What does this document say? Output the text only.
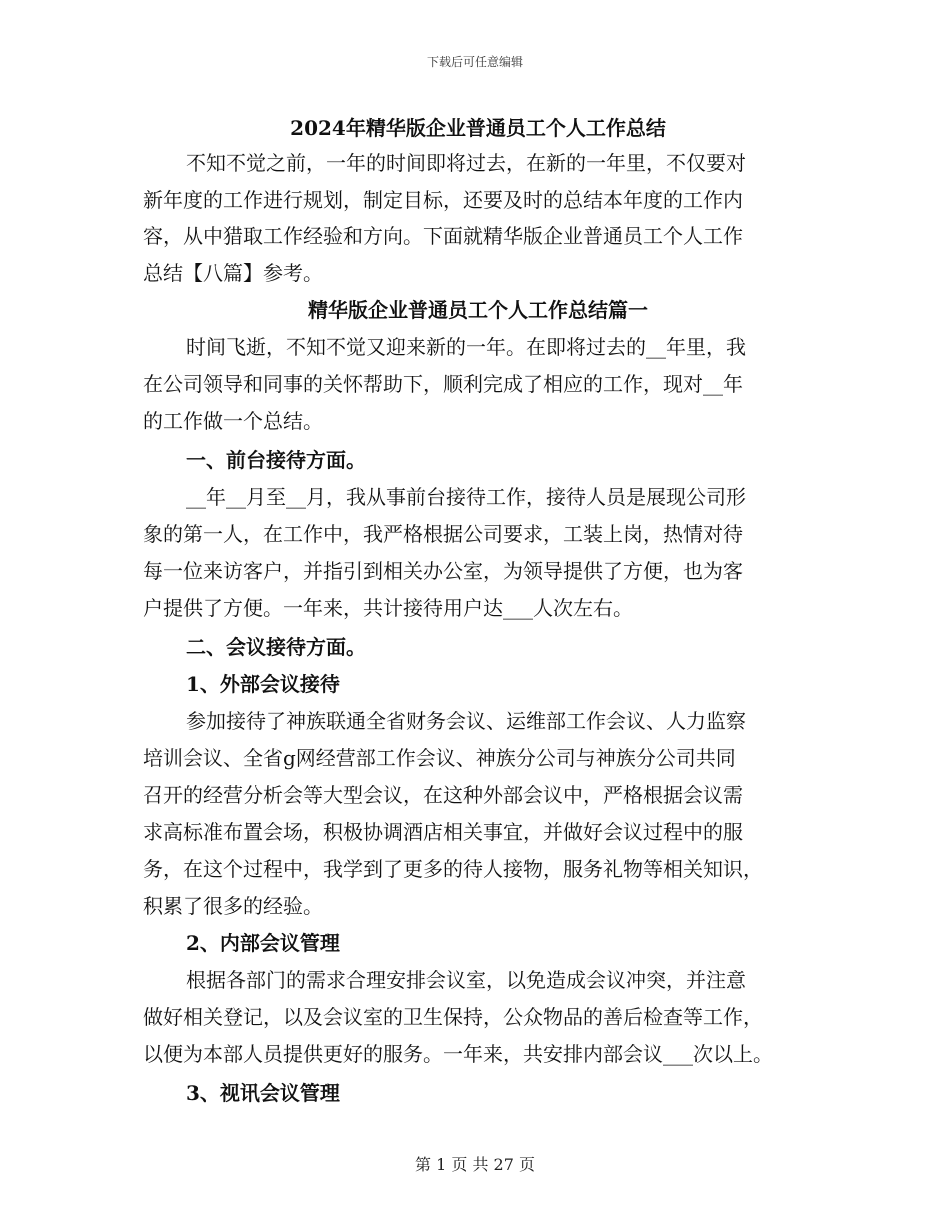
下载后可任意编辑
2024年精华版企业普通员工个人工作总结
不知不觉之前，一年的时间即将过去，在新的一年里，不仅要对
新年度的工作进行规划，制定目标，还要及时的总结本年度的工作内
容，从中猎取工作经验和方向。下面就精华版企业普通员工个人工作
总结【八篇】参考。
精华版企业普通员工个人工作总结篇一
时间飞逝，不知不觉又迎来新的一年。在即将过去的__年里，我
在公司领导和同事的关怀帮助下，顺利完成了相应的工作，现对__年
的工作做一个总结。
一、前台接待方面。
__年__月至__月，我从事前台接待工作，接待人员是展现公司形
象的第一人，在工作中，我严格根据公司要求，工装上岗，热情对待
每一位来访客户，并指引到相关办公室，为领导提供了方便，也为客
户提供了方便。一年来，共计接待用户达___人次左右。
二、会议接待方面。
1、外部会议接待
参加接待了神族联通全省财务会议、运维部工作会议、人力监察
培训会议、全省g网经营部工作会议、神族分公司与神族分公司共同
召开的经营分析会等大型会议，在这种外部会议中，严格根据会议需
求高标准布置会场，积极协调酒店相关事宜，并做好会议过程中的服
务，在这个过程中，我学到了更多的待人接物，服务礼物等相关知识，
积累了很多的经验。
2、内部会议管理
根据各部门的需求合理安排会议室，以免造成会议冲突，并注意
做好相关登记，以及会议室的卫生保持，公众物品的善后检查等工作，
以便为本部人员提供更好的服务。一年来，共安排内部会议___次以上。
3、视讯会议管理
第 1 页 共 27 页
